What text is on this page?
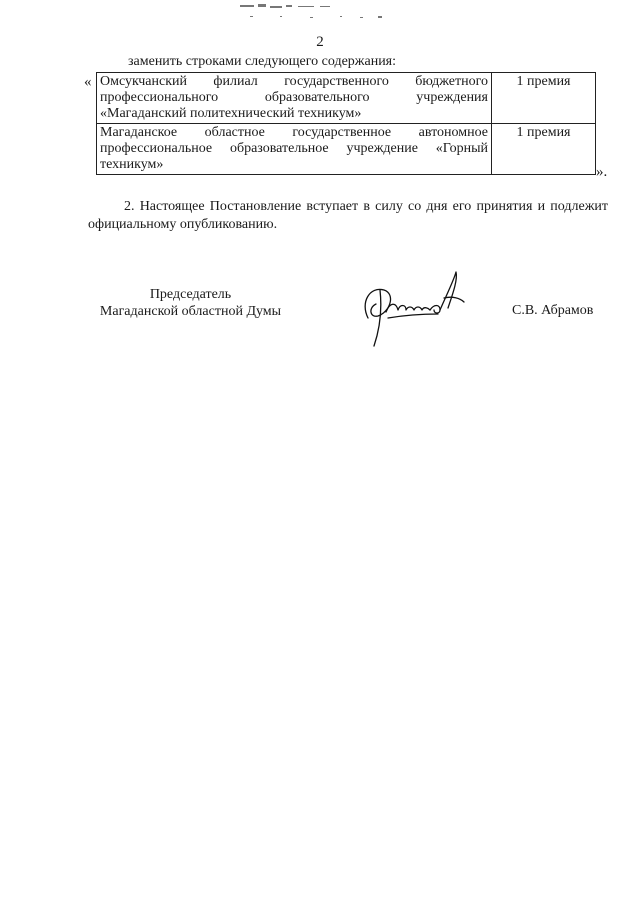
2
заменить строками следующего содержания:
« Омсукчанский филиал государственного бюджетного профессионального образовательного учреждения «Магаданский политехнический техникум»	1 премия
Магаданское областное государственное автономное профессиональное образовательное учреждение «Горный техникум»	1 премия
».
2. Настоящее Постановление вступает в силу со дня его принятия и подлежит официальному опубликованию.
Председатель
Магаданской областной Думы	С.В. Абрамов
